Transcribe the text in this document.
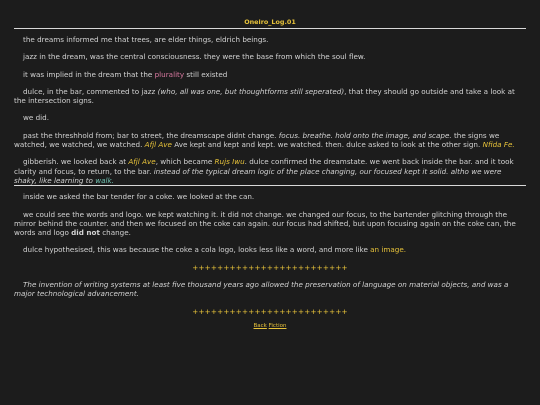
Oneiro_Log.01

the dreams informed me that trees, are elder things, eldrich beings.

jazz in the dream, was the central consciousness. they were the base from which the soul flew.

it was implied in the dream that the plurality still existed

dulce, in the bar, commented to jazz (who, all was one, but thoughtforms still seperated), that they should go outside and take a look at the intersection signs.

we did.

past the threshhold from; bar to street, the dreamscape didnt change. focus. breathe. hold onto the image, and scape. the signs we watched, we watched, we watched. Afjl Ave Ave kept and kept and kept. we watched. then. dulce asked to look at the other sign. Nfida Fe.

gibberish. we looked back at Afjl Ave, which became Rujs Iwu. dulce confirmed the dreamstate. we went back inside the bar. and it took clarity and focus, to return, to the bar. instead of the typical dream logic of the place changing, our focused kept it solid. altho we were shaky, like learning to walk.

inside we asked the bar tender for a coke. we looked at the can.

we could see the words and logo. we kept watching it. it did not change. we changed our focus, to the bartender glitching through the mirror behind the counter. and then we focused on the coke can again. our focus had shifted, but upon focusing again on the coke can, the words and logo did not change.

dulce hypothesised, this was because the coke a cola logo, looks less like a word, and more like an image.

+++++++++++++++++++++++++

The invention of writing systems at least five thousand years ago allowed the preservation of language on material objects, and was a major technological advancement.

+++++++++++++++++++++++++
Back Fiction
